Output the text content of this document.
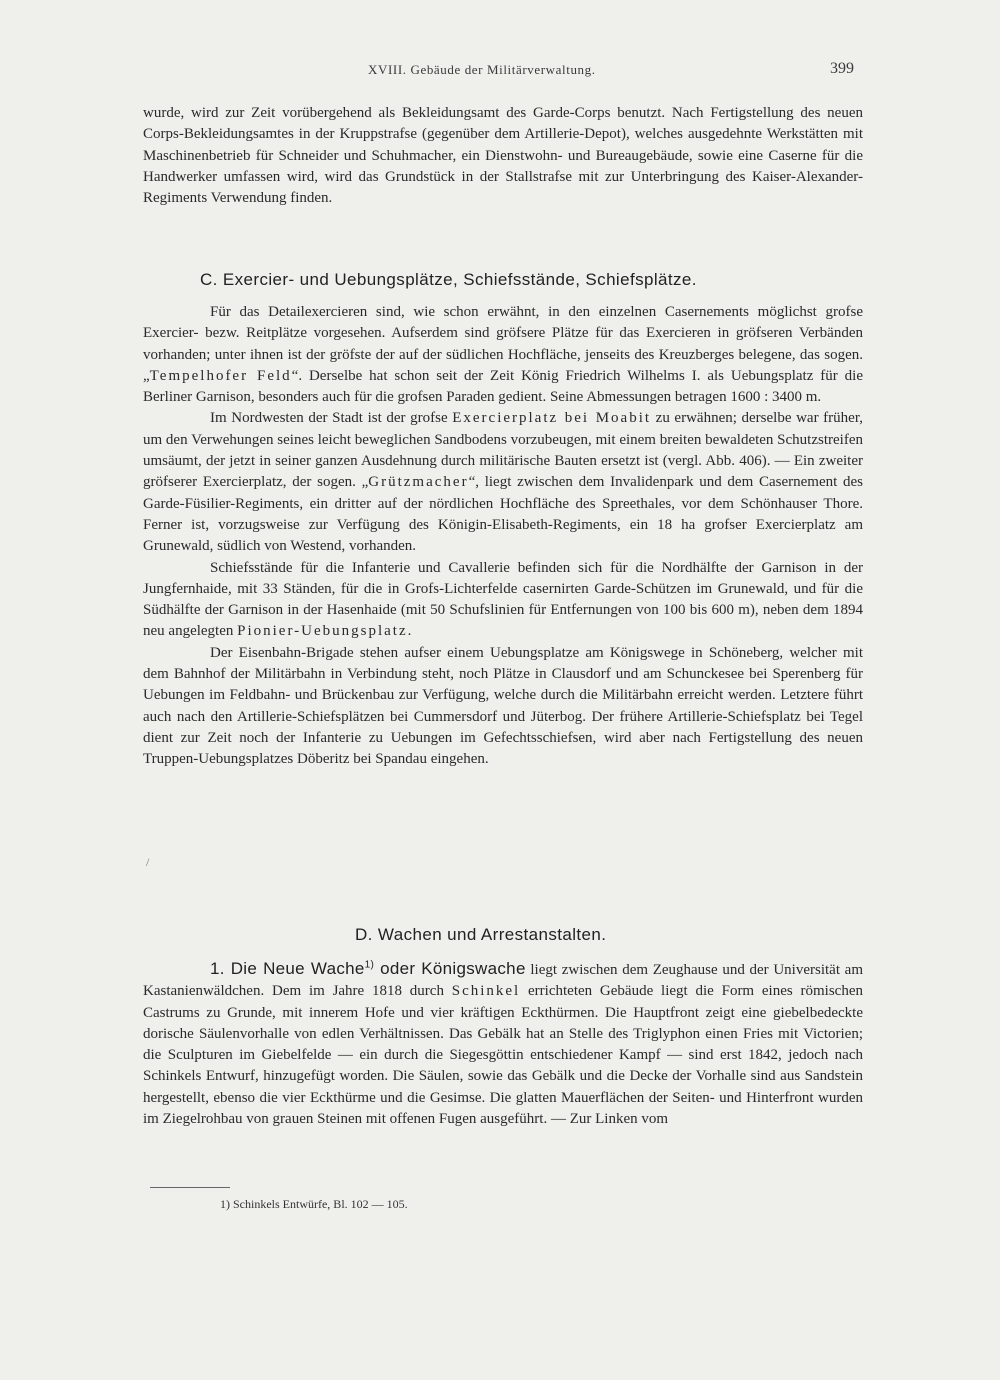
XVIII. Gebäude der Militärverwaltung.	399

wurde, wird zur Zeit vorübergehend als Bekleidungsamt des Garde-Corps benutzt. Nach Fertigstellung des neuen Corps-Bekleidungsamtes in der Kruppstrafse (gegenüber dem Artillerie-Depot), welches ausgedehnte Werkstätten mit Maschinenbetrieb für Schneider und Schuhmacher, ein Dienstwohn- und Bureaugebäude, sowie eine Caserne für die Handwerker umfassen wird, wird das Grundstück in der Stallstrafse mit zur Unterbringung des Kaiser-Alexander-Regiments Verwendung finden.

C. Exercier- und Uebungsplätze, Schiefsstände, Schiefsplätze.

Für das Detailexercieren sind, wie schon erwähnt, in den einzelnen Casernements möglichst grofse Exercier- bezw. Reitplätze vorgesehen. Aufserdem sind gröfsere Plätze für das Exercieren in gröfseren Verbänden vorhanden; unter ihnen ist der gröfste der auf der südlichen Hochfläche, jenseits des Kreuzberges belegene, das sogen. „Tempelhofer Feld“. Derselbe hat schon seit der Zeit König Friedrich Wilhelms I. als Uebungsplatz für die Berliner Garnison, besonders auch für die grofsen Paraden gedient. Seine Abmessungen betragen 1600 : 3400 m.

Im Nordwesten der Stadt ist der grofse Exercierplatz bei Moabit zu erwähnen; derselbe war früher, um den Verwehungen seines leicht beweglichen Sandbodens vorzubeugen, mit einem breiten bewaldeten Schutzstreifen umsäumt, der jetzt in seiner ganzen Ausdehnung durch militärische Bauten ersetzt ist (vergl. Abb. 406). — Ein zweiter gröfserer Exercierplatz, der sogen. „Grützmacher“, liegt zwischen dem Invalidenpark und dem Casernement des Garde-Füsilier-Regiments, ein dritter auf der nördlichen Hochfläche des Spreethales, vor dem Schönhauser Thore. Ferner ist, vorzugsweise zur Verfügung des Königin-Elisabeth-Regiments, ein 18 ha grofser Exercierplatz am Grunewald, südlich von Westend, vorhanden.

Schiefsstände für die Infanterie und Cavallerie befinden sich für die Nordhälfte der Garnison in der Jungfernhaide, mit 33 Ständen, für die in Grofs-Lichterfelde casernirten Garde-Schützen im Grunewald, und für die Südhälfte der Garnison in der Hasenhaide (mit 50 Schufslinien für Entfernungen von 100 bis 600 m), neben dem 1894 neu angelegten Pionier-Uebungsplatz.

Der Eisenbahn-Brigade stehen aufser einem Uebungsplatze am Königswege in Schöneberg, welcher mit dem Bahnhof der Militärbahn in Verbindung steht, noch Plätze in Clausdorf und am Schunckesee bei Sperenberg für Uebungen im Feldbahn- und Brückenbau zur Verfügung, welche durch die Militärbahn erreicht werden. Letztere führt auch nach den Artillerie-Schiefsplätzen bei Cummersdorf und Jüterbog. Der frühere Artillerie-Schiefsplatz bei Tegel dient zur Zeit noch der Infanterie zu Uebungen im Gefechtsschiefsen, wird aber nach Fertigstellung des neuen Truppen-Uebungsplatzes Döberitz bei Spandau eingehen.

/
D. Wachen und Arrestanstalten.

1. Die Neue Wache$^{1)}$ oder Königswache liegt zwischen dem Zeughause und der Universität am Kastanienwäldchen. Dem im Jahre 1818 durch Schinkel errichteten Gebäude liegt die Form eines römischen Castrums zu Grunde, mit innerem Hofe und vier kräftigen Eckthürmen. Die Hauptfront zeigt eine giebelbedeckte dorische Säulenvorhalle von edlen Verhältnissen. Das Gebälk hat an Stelle des Triglyphon einen Fries mit Victorien; die Sculpturen im Giebelfelde — ein durch die Siegesgöttin entschiedener Kampf — sind erst 1842, jedoch nach Schinkels Entwurf, hinzugefügt worden. Die Säulen, sowie das Gebälk und die Decke der Vorhalle sind aus Sandstein hergestellt, ebenso die vier Eckthürme und die Gesimse. Die glatten Mauerflächen der Seiten- und Hinterfront wurden im Ziegelrohbau von grauen Steinen mit offenen Fugen ausgeführt. — Zur Linken vom

1) Schinkels Entwürfe, Bl. 102 — 105.
